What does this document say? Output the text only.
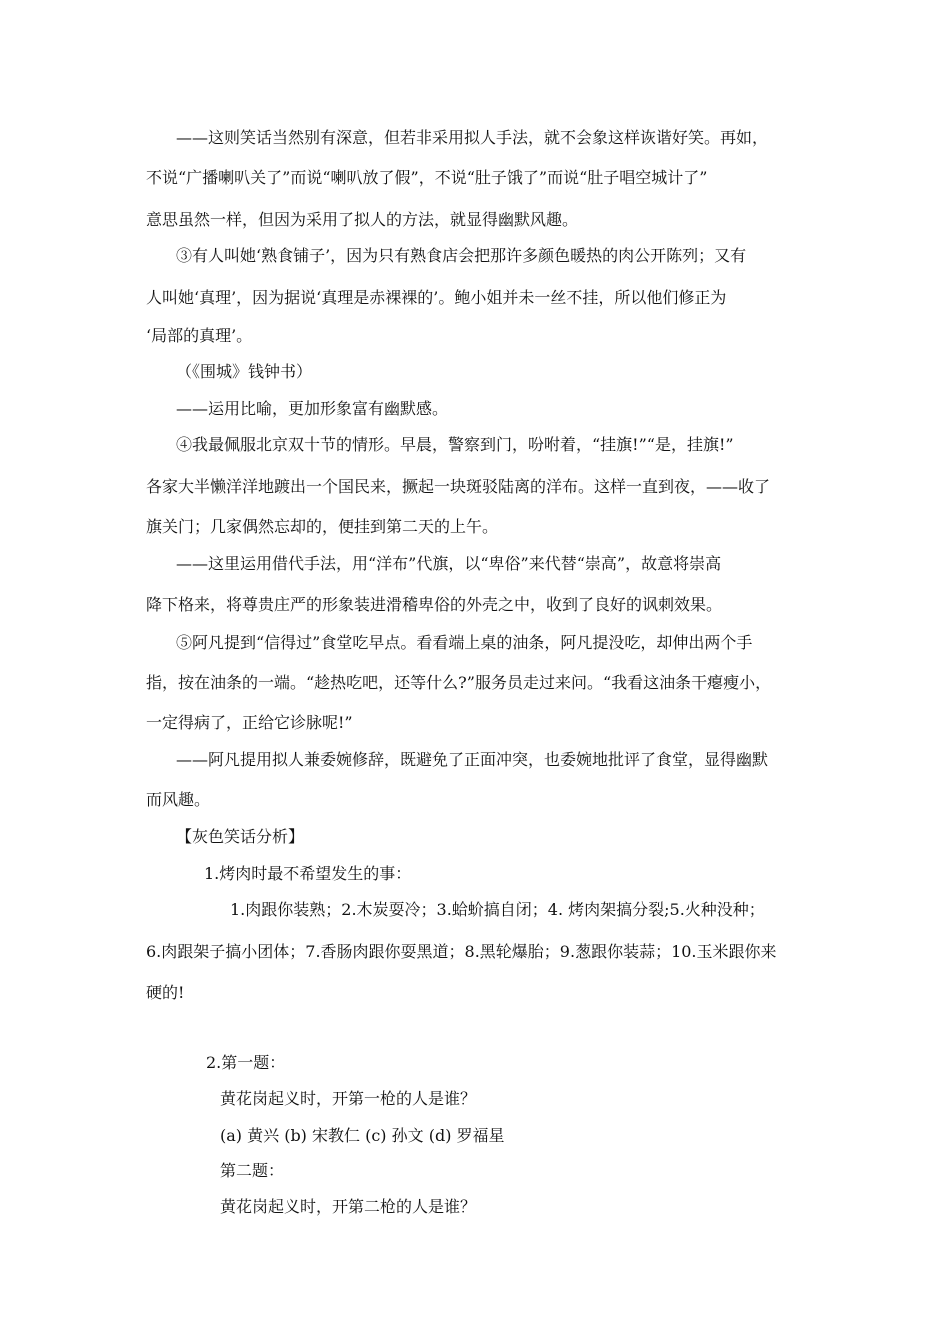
——这则笑话当然别有深意，但若非采用拟人手法，就不会象这样诙谐好笑。再如，
不说“广播喇叭关了”而说“喇叭放了假”，不说“肚子饿了”而说“肚子唱空城计了”
意思虽然一样，但因为采用了拟人的方法，就显得幽默风趣。
③有人叫她‘熟食铺子’，因为只有熟食店会把那许多颜色暖热的肉公开陈列；又有
人叫她‘真理’，因为据说‘真理是赤裸裸的’。鲍小姐并未一丝不挂，所以他们修正为
‘局部的真理’。
（《围城》钱钟书）
——运用比喻，更加形象富有幽默感。
④我最佩服北京双十节的情形。早晨，警察到门，吩咐着，“挂旗!”“是，挂旗!”
各家大半懒洋洋地踱出一个国民来，撅起一块斑驳陆离的洋布。这样一直到夜，——收了
旗关门；几家偶然忘却的，便挂到第二天的上午。
——这里运用借代手法，用“洋布”代旗，以“卑俗”来代替“崇高”，故意将崇高
降下格来，将尊贵庄严的形象装进滑稽卑俗的外壳之中，收到了良好的讽刺效果。
⑤阿凡提到“信得过”食堂吃早点。看看端上桌的油条，阿凡提没吃，却伸出两个手
指，按在油条的一端。“趁热吃吧，还等什么?”服务员走过来问。“我看这油条干瘪瘦小，
一定得病了，正给它诊脉呢!”
——阿凡提用拟人兼委婉修辞，既避免了正面冲突，也委婉地批评了食堂，显得幽默
而风趣。
【灰色笑话分析】
1.烤肉时最不希望发生的事：
1.肉跟你装熟；2.木炭耍冷；3.蛤蚧搞自闭；4. 烤肉架搞分裂;5.火种没种；
6.肉跟架子搞小团体；7.香肠肉跟你耍黑道；8.黑轮爆胎；9.葱跟你装蒜；10.玉米跟你来
硬的!
2.第一题：
黄花岗起义时，开第一枪的人是谁？
(a) 黄兴 (b) 宋教仁 (c) 孙文 (d) 罗福星
第二题：
黄花岗起义时，开第二枪的人是谁？
